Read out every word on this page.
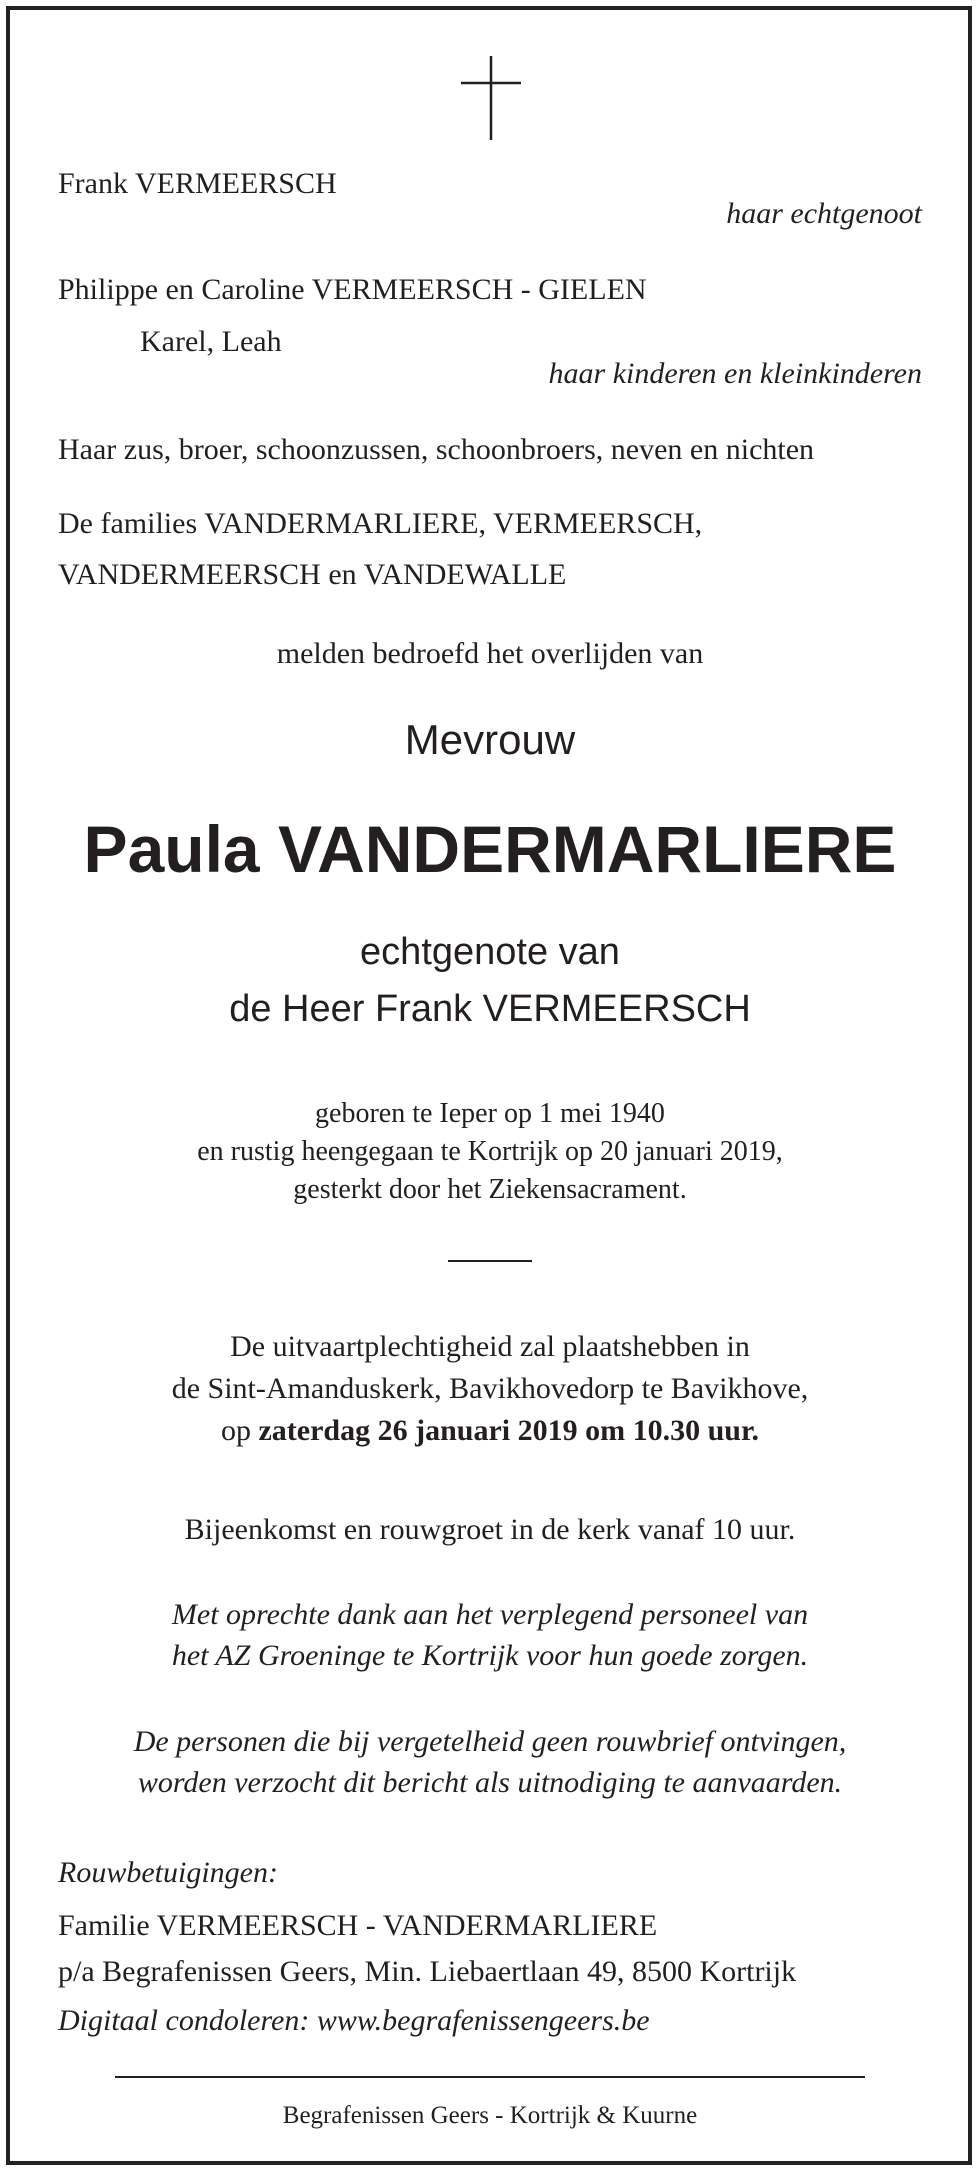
Frank VERMEERSCH
haar echtgenoot
Philippe en Caroline VERMEERSCH - GIELEN
Karel, Leah
haar kinderen en kleinkinderen
Haar zus, broer, schoonzussen, schoonbroers, neven en nichten
De families VANDERMARLIERE, VERMEERSCH,
VANDERMEERSCH en VANDEWALLE
melden bedroefd het overlijden van
Mevrouw
Paula VANDERMARLIERE
echtgenote van
de Heer Frank VERMEERSCH
geboren te Ieper op 1 mei 1940
en rustig heengegaan te Kortrijk op 20 januari 2019,
gesterkt door het Ziekensacrament.
De uitvaartplechtigheid zal plaatshebben in
de Sint-Amanduskerk, Bavikhovedorp te Bavikhove,
op zaterdag 26 januari 2019 om 10.30 uur.
Bijeenkomst en rouwgroet in de kerk vanaf 10 uur.
Met oprechte dank aan het verplegend personeel van
het AZ Groeninge te Kortrijk voor hun goede zorgen.
De personen die bij vergetelheid geen rouwbrief ontvingen,
worden verzocht dit bericht als uitnodiging te aanvaarden.
Rouwbetuigingen:
Familie VERMEERSCH - VANDERMARLIERE
p/a Begrafenissen Geers, Min. Liebaertlaan 49, 8500 Kortrijk
Digitaal condoleren: www.begrafenissengeers.be
Begrafenissen Geers - Kortrijk & Kuurne
